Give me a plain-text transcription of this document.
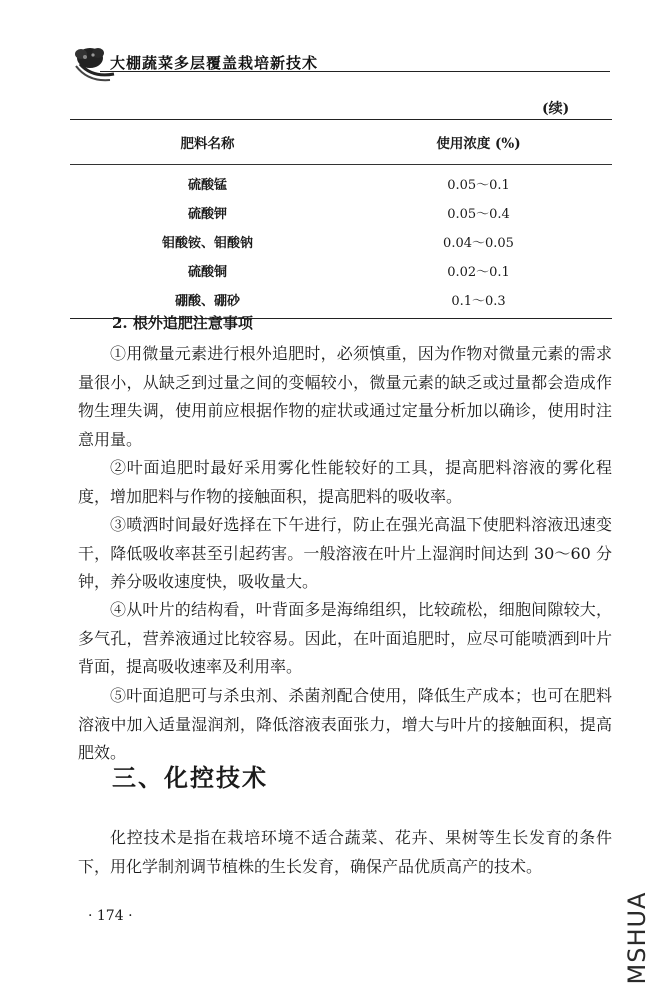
大棚蔬菜多层覆盖栽培新技术
(续)
肥料名称	使用浓度 (%)
硫酸锰	0.05～0.1
硫酸钾	0.05～0.4
钼酸铵、钼酸钠	0.04～0.05
硫酸铜	0.02～0.1
硼酸、硼砂	0.1～0.3
2. 根外追肥注意事项

①用微量元素进行根外追肥时，必须慎重，因为作物对微量元素的需求量很小，从缺乏到过量之间的变幅较小，微量元素的缺乏或过量都会造成作物生理失调，使用前应根据作物的症状或通过定量分析加以确诊，使用时注意用量。

②叶面追肥时最好采用雾化性能较好的工具，提高肥料溶液的雾化程度，增加肥料与作物的接触面积，提高肥料的吸收率。

③喷洒时间最好选择在下午进行，防止在强光高温下使肥料溶液迅速变干，降低吸收率甚至引起药害。一般溶液在叶片上湿润时间达到 30～60 分钟，养分吸收速度快，吸收量大。

④从叶片的结构看，叶背面多是海绵组织，比较疏松，细胞间隙较大，多气孔，营养液通过比较容易。因此，在叶面追肥时，应尽可能喷洒到叶片背面，提高吸收速率及利用率。

⑤叶面追肥可与杀虫剂、杀菌剂配合使用，降低生产成本；也可在肥料溶液中加入适量湿润剂，降低溶液表面张力，增大与叶片的接触面积，提高肥效。

三、化控技术

化控技术是指在栽培环境不适合蔬菜、花卉、果树等生长发育的条件下，用化学制剂调节植株的生长发育，确保产品优质高产的技术。

· 174 ·	MSHUA
